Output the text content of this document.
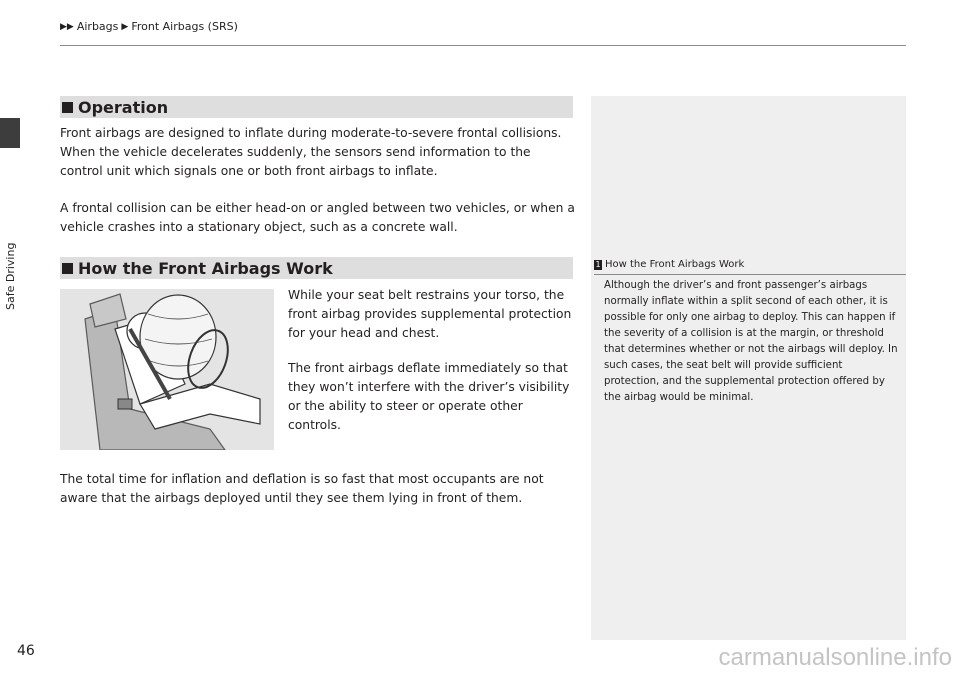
Safe Driving
▶▶ Airbags ▶ Front Airbags (SRS)
Operation
Front airbags are designed to inflate during moderate-to-severe frontal collisions. When the vehicle decelerates suddenly, the sensors send information to the control unit which signals one or both front airbags to inflate.
A frontal collision can be either head-on or angled between two vehicles, or when a vehicle crashes into a stationary object, such as a concrete wall.
How the Front Airbags Work
While your seat belt restrains your torso, the front airbag provides supplemental protection for your head and chest.
The front airbags deflate immediately so that they won’t interfere with the driver’s visibility or the ability to steer or operate other controls.
The total time for inflation and deflation is so fast that most occupants are not aware that the airbags deployed until they see them lying in front of them.
1 How the Front Airbags Work
Although the driver’s and front passenger’s airbags normally inflate within a split second of each other, it is possible for only one airbag to deploy. This can happen if the severity of a collision is at the margin, or threshold that determines whether or not the airbags will deploy. In such cases, the seat belt will provide sufficient protection, and the supplemental protection offered by the airbag would be minimal.
46	carmanualsonline.info
